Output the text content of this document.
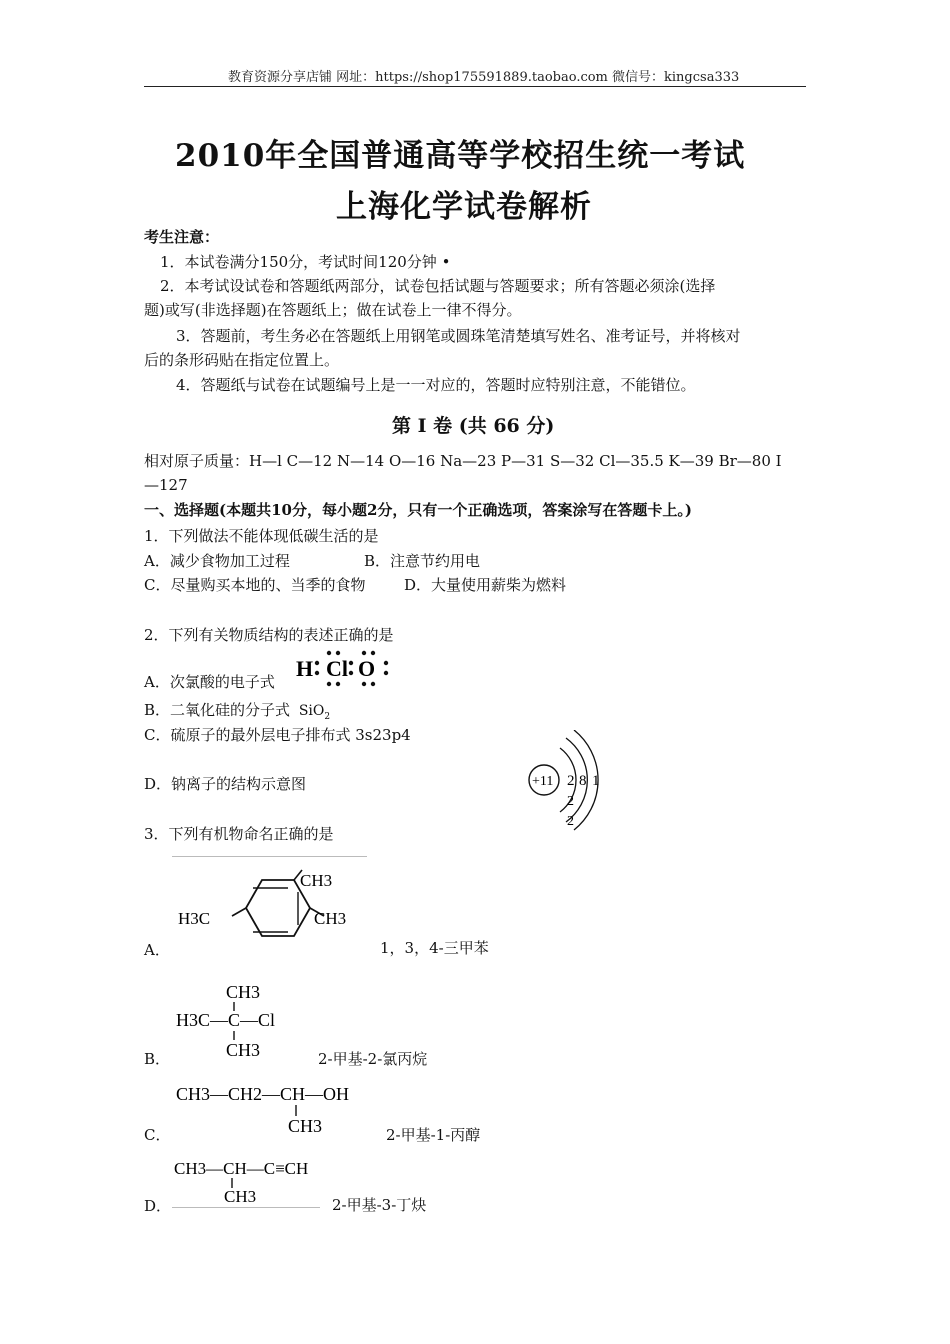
教育资源分享店铺 网址：https://shop175591889.taobao.com 微信号：kingcsa333
2010年全国普通高等学校招生统一考试
上海化学试卷解析
考生注意：
1．本试卷满分150分，考试时间120分钟 •
2．本考试设试卷和答题纸两部分，试卷包括试题与答题要求；所有答题必须涂(选择
题)或写(非选择题)在答题纸上；做在试卷上一律不得分。
3．答题前，考生务必在答题纸上用钢笔或圆珠笔清楚填写姓名、准考证号，并将核对
后的条形码贴在指定位置上。
4．答题纸与试卷在试题编号上是一一对应的，答题时应特别注意，不能错位。
第 I 卷 (共 66 分)
相对原子质量：H—l C—12 N—14 O—16 Na—23 P—31 S—32 Cl—35.5 K—39 Br—80 I
—127
一、选择题(本题共10分，每小题2分，只有一个正确选项，答案涂写在答题卡上。)
1．下列做法不能体现低碳生活的是
A．减少食物加工过程	B．注意节约用电
C．尽量购买本地的、当季的食物	D．大量使用薪柴为燃料
2．下列有关物质结构的表述正确的是
A．次氯酸的电子式
H Cl O
B．二氧化硅的分子式 SiO$_2$
C．硫原子的最外层电子排布式 3s23p4
D．钠离子的结构示意图	+11 2 8 1
2
2
3．下列有机物命名正确的是
CH3
CH3
H3C
A．	1，3，4-三甲苯
CH3
H3C—C—Cl
CH3
B．	2-甲基-2-氯丙烷
CH3—CH2—CH—OH
CH3
C．	2-甲基-1-丙醇
CH3—CH—C≡CH
CH3
D．	2-甲基-3-丁炔
